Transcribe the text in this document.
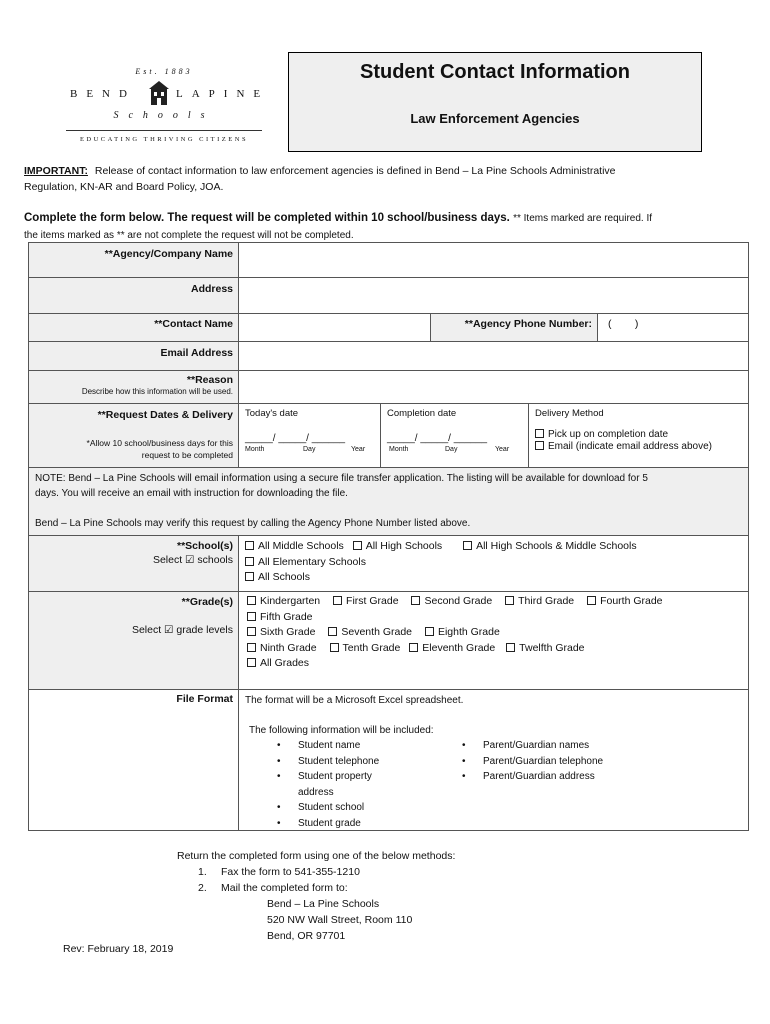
Est. 1883
BEND	LAPINE
Schools
EDUCATING THRIVING CITIZENS
Student Contact Information
Law Enforcement Agencies
IMPORTANT: Release of contact information to law enforcement agencies is defined in Bend – La Pine Schools Administrative
Regulation, KN-AR and Board Policy, JOA.
Complete the form below. The request will be completed within 10 school/business days. ** Items marked are required. If
the items marked as ** are not complete the request will not be completed.
**Agency/Company Name
Address
**Contact Name	**Agency Phone Number:	(        )
Email Address
**Reason
Describe how this information will be used.
**Request Dates & Delivery
*Allow 10 school/business days for this
request to be completed
Today's date
_____/ _____/ ______
Month	Day	Year
Completion date
_____/ _____/ ______
Month	Day	Year
Delivery Method
Pick up on completion date
Email (indicate email address above)
NOTE: Bend – La Pine Schools will email information using a secure file transfer application. The listing will be available for download for 5
days. You will receive an email with instruction for downloading the file.
Bend – La Pine Schools may verify this request by calling the Agency Phone Number listed above.
**School(s)
Select ☑ schools
All Middle Schools All High Schools	All High Schools & Middle Schools
All Elementary Schools
All Schools
**Grade(s)
Select ☑ grade levels
Kindergarten First Grade Second Grade Third Grade Fourth Grade
Fifth Grade
Sixth Grade Seventh Grade Eighth Grade
Ninth Grade Tenth Grade Eleventh Grade Twelfth Grade
All Grades
File Format The format will be a Microsoft Excel spreadsheet.
The following information will be included:
• Student name
• Student telephone
• Student property
address
• Student school
• Student grade
• Parent/Guardian names
• Parent/Guardian telephone
• Parent/Guardian address
Return the completed form using one of the below methods:
1. Fax the form to 541-355-1210
2. Mail the completed form to:
Bend – La Pine Schools
520 NW Wall Street, Room 110
Bend, OR 97701
Rev: February 18, 2019
